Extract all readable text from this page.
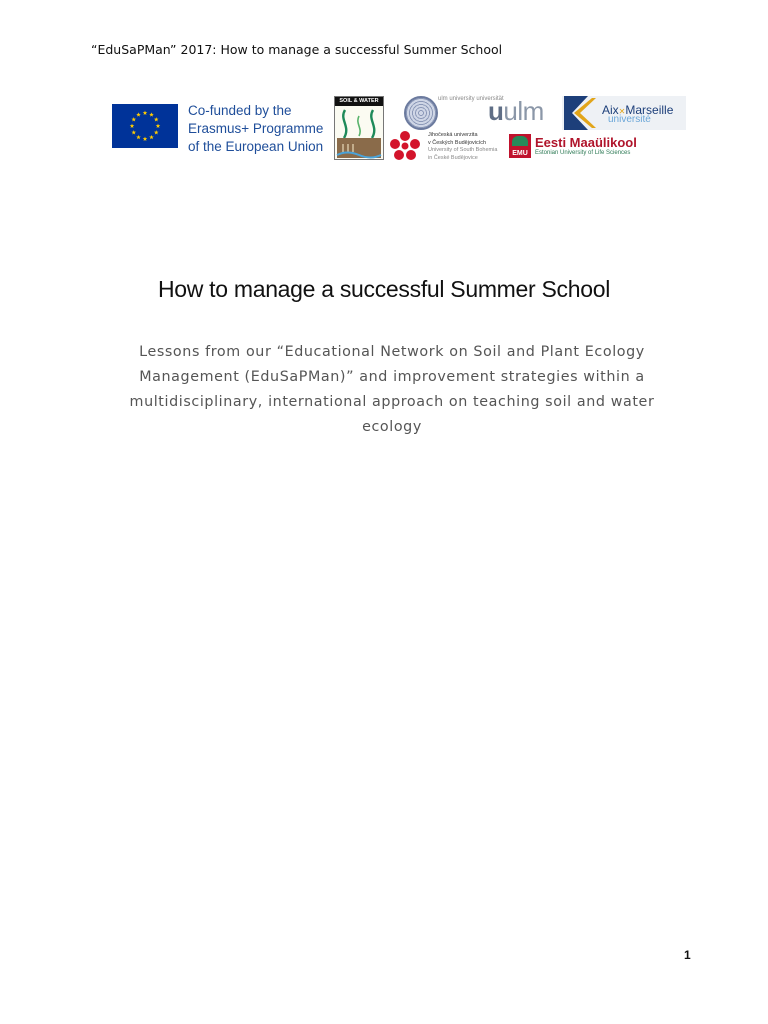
“EduSaPMan” 2017: How to manage a successful Summer School
Co-funded by the
Erasmus+ Programme
of the European Union
SOIL & WATER	ulm university universität
uulm	Aix✕Marseille
université
Jihočeská univerzita
v Českých Budějovicích
University of South Bohemia
in České Budějovice
EMU
Eesti Maaülikool
Estonian University of Life Sciences
How to manage a successful Summer School
Lessons from our “Educational Network on Soil and Plant Ecology Management (EduSaPMan)” and improvement strategies within a multidisciplinary, international approach on teaching soil and water ecology
1
